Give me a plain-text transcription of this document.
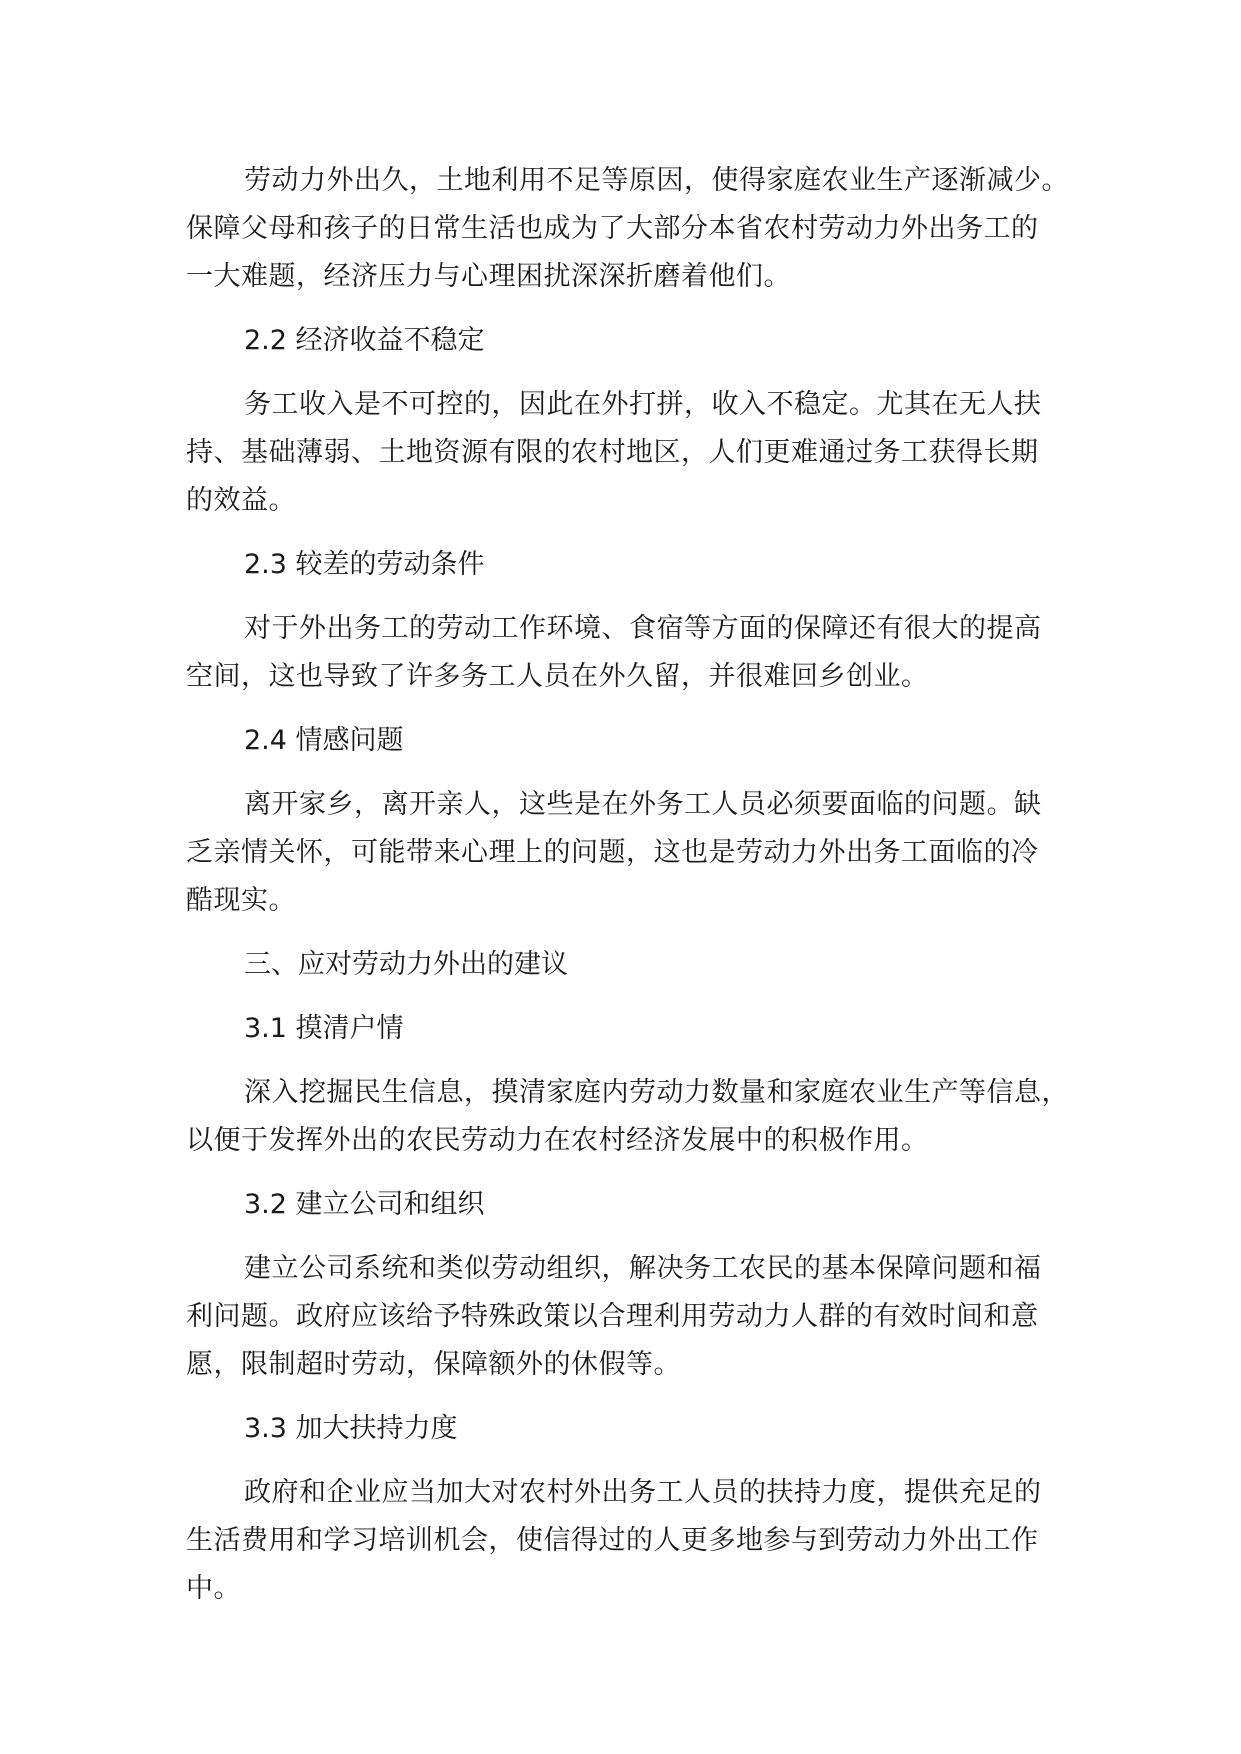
劳动力外出久，土地利用不足等原因，使得家庭农业生产逐渐减少。
保障父母和孩子的日常生活也成为了大部分本省农村劳动力外出务工的
一大难题，经济压力与心理困扰深深折磨着他们。
2.2 经济收益不稳定
务工收入是不可控的，因此在外打拼，收入不稳定。尤其在无人扶
持、基础薄弱、土地资源有限的农村地区，人们更难通过务工获得长期
的效益。
2.3 较差的劳动条件
对于外出务工的劳动工作环境、食宿等方面的保障还有很大的提高
空间，这也导致了许多务工人员在外久留，并很难回乡创业。
2.4 情感问题
离开家乡，离开亲人，这些是在外务工人员必须要面临的问题。缺
乏亲情关怀，可能带来心理上的问题，这也是劳动力外出务工面临的冷
酷现实。
三、应对劳动力外出的建议
3.1 摸清户情
深入挖掘民生信息，摸清家庭内劳动力数量和家庭农业生产等信息，
以便于发挥外出的农民劳动力在农村经济发展中的积极作用。
3.2 建立公司和组织
建立公司系统和类似劳动组织，解决务工农民的基本保障问题和福
利问题。政府应该给予特殊政策以合理利用劳动力人群的有效时间和意
愿，限制超时劳动，保障额外的休假等。
3.3 加大扶持力度
政府和企业应当加大对农村外出务工人员的扶持力度，提供充足的
生活费用和学习培训机会，使信得过的人更多地参与到劳动力外出工作
中。
